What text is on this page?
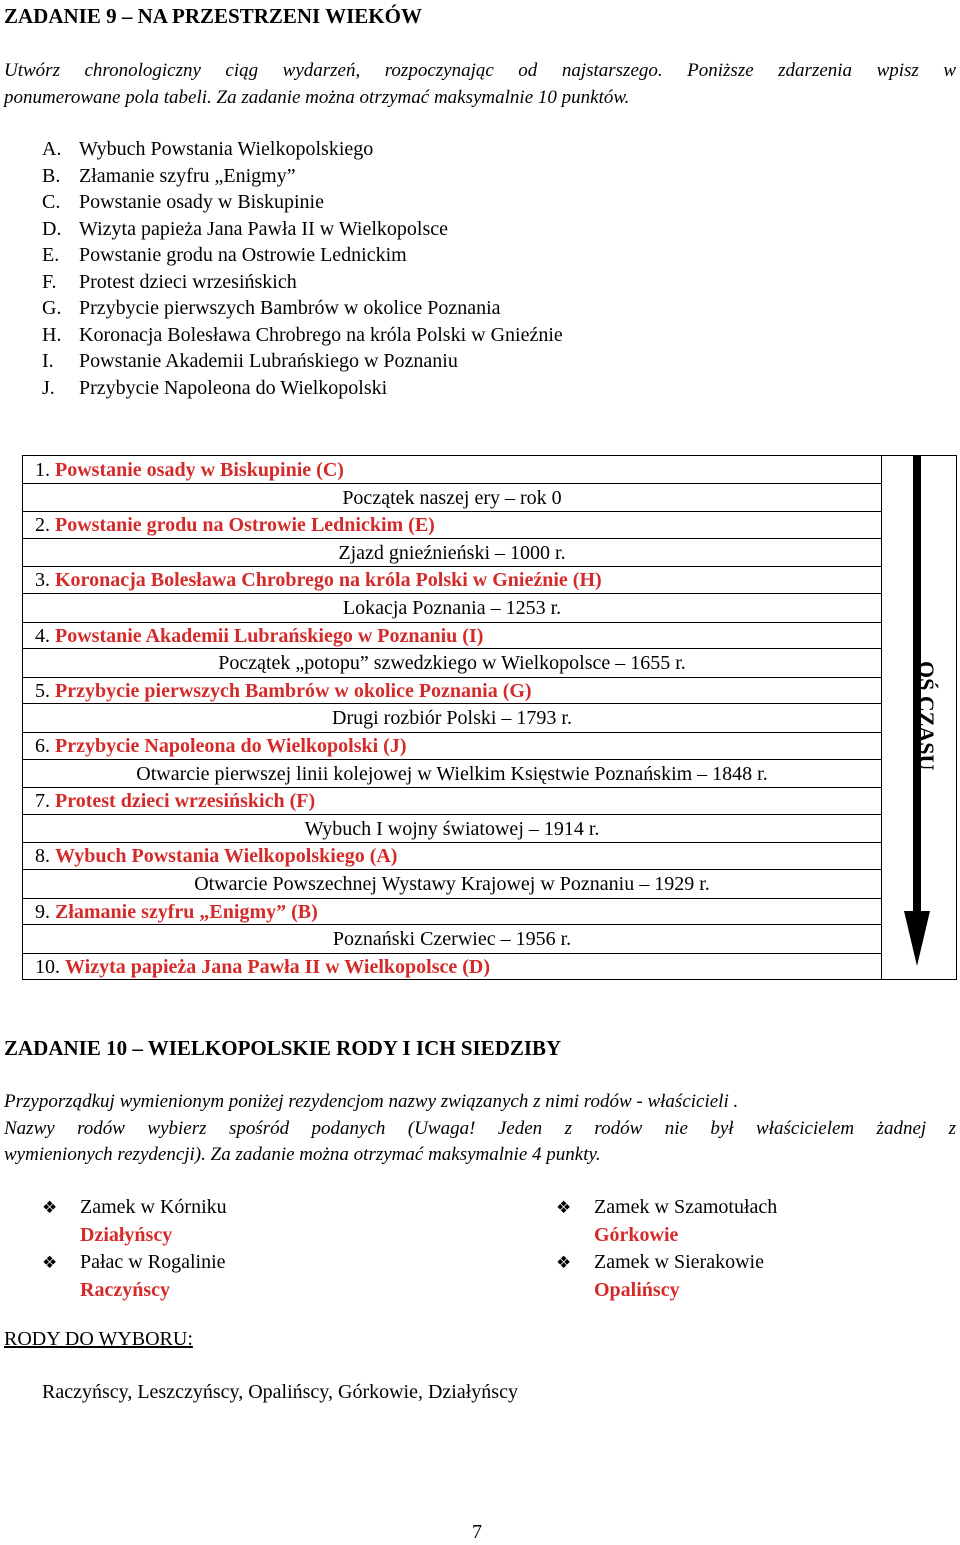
ZADANIE 9 – NA PRZESTRZENI WIEKÓW
Utwórz chronologiczny ciąg wydarzeń, rozpoczynając od najstarszego. Poniższe zdarzenia wpisz w
ponumerowane pola tabeli. Za zadanie można otrzymać maksymalnie 10 punktów.
A. Wybuch Powstania Wielkopolskiego
B. Złamanie szyfru „Enigmy”
C. Powstanie osady w Biskupinie
D. Wizyta papieża Jana Pawła II w Wielkopolsce
E. Powstanie grodu na Ostrowie Lednickim
F. Protest dzieci wrzesińskich
G. Przybycie pierwszych Bambrów w okolice Poznania
H. Koronacja Bolesława Chrobrego na króla Polski w Gnieźnie
I. Powstanie Akademii Lubrańskiego w Poznaniu
J. Przybycie Napoleona do Wielkopolski
1. Powstanie osady w Biskupinie (C)
Początek naszej ery – rok 0
2. Powstanie grodu na Ostrowie Lednickim (E)
Zjazd gnieźnieński – 1000 r.
3. Koronacja Bolesława Chrobrego na króla Polski w Gnieźnie (H)
Lokacja Poznania – 1253 r.
4. Powstanie Akademii Lubrańskiego w Poznaniu (I)
Początek „potopu” szwedzkiego w Wielkopolsce – 1655 r.
5. Przybycie pierwszych Bambrów w okolice Poznania (G)
Drugi rozbiór Polski – 1793 r.
6. Przybycie Napoleona do Wielkopolski (J)
Otwarcie pierwszej linii kolejowej w Wielkim Księstwie Poznańskim – 1848 r.
7. Protest dzieci wrzesińskich (F)
Wybuch I wojny światowej – 1914 r.
8. Wybuch Powstania Wielkopolskiego (A)
Otwarcie Powszechnej Wystawy Krajowej w Poznaniu – 1929 r.
9. Złamanie szyfru „Enigmy” (B)
Poznański Czerwiec – 1956 r.
10. Wizyta papieża Jana Pawła II w Wielkopolsce (D)
OŚ CZASU
ZADANIE 10 – WIELKOPOLSKIE RODY I ICH SIEDZIBY
Przyporządkuj wymienionym poniżej rezydencjom nazwy związanych z nimi rodów - właścicieli .
Nazwy rodów wybierz spośród podanych (Uwaga! Jeden z rodów nie był właścicielem żadnej z
wymienionych rezydencji). Za zadanie można otrzymać maksymalnie 4 punkty.
❖ Zamek w Kórniku
Działyńscy
❖ Pałac w Rogalinie
Raczyńscy
❖ Zamek w Szamotułach
Górkowie
❖ Zamek w Sierakowie
Opalińscy
RODY DO WYBORU:
Raczyńscy, Leszczyńscy, Opalińscy, Górkowie, Działyńscy
7
